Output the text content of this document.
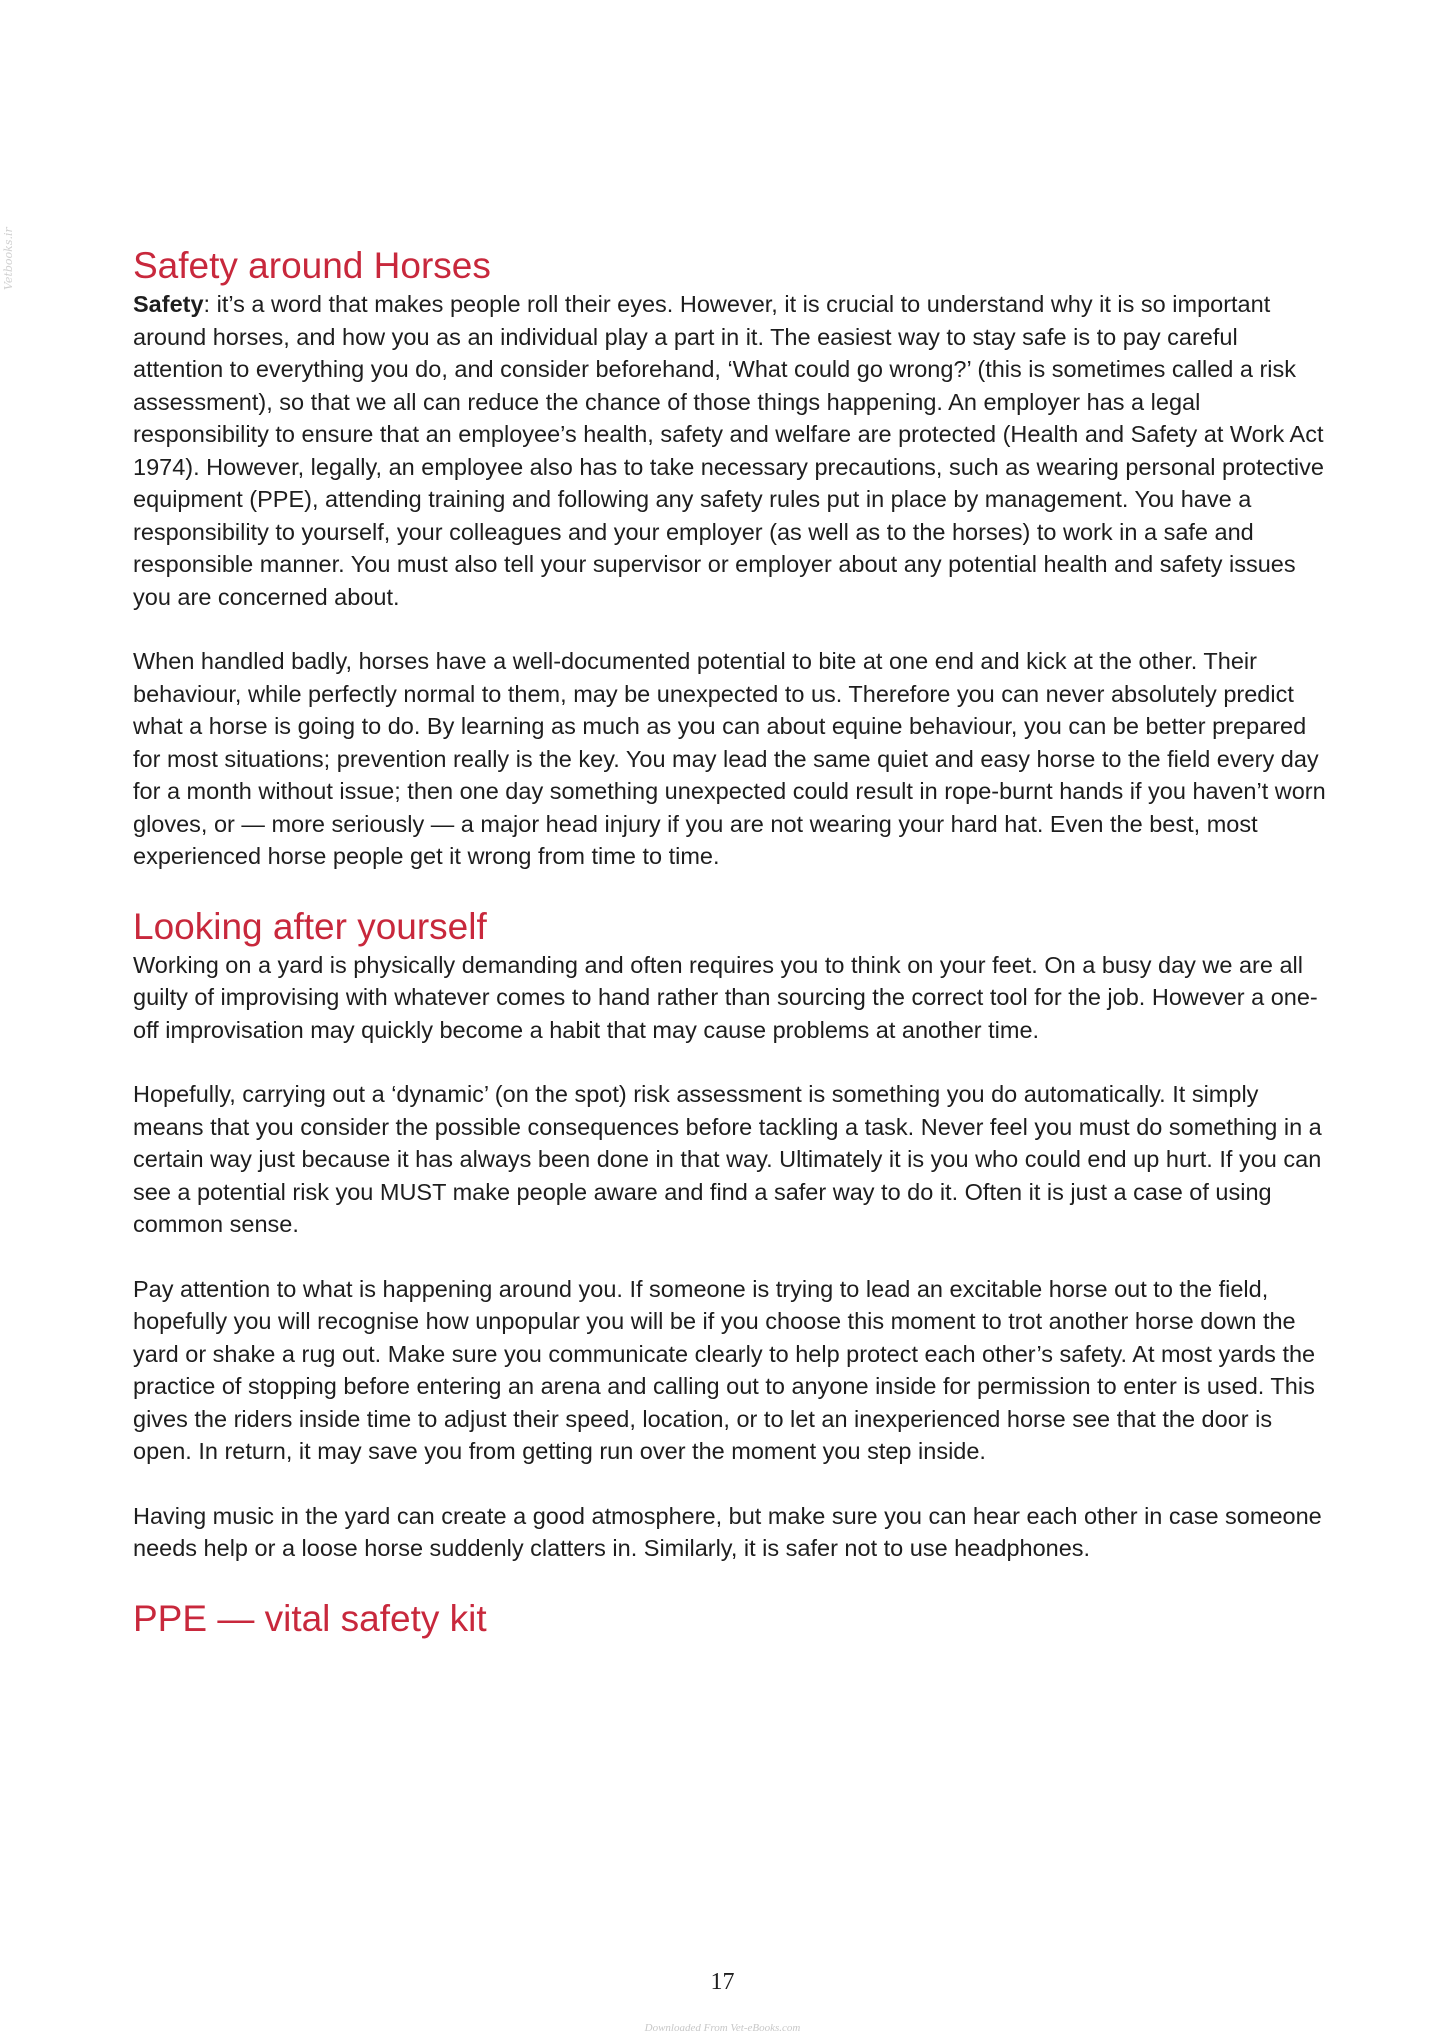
Vetbooks.ir	Safety around Horses

Safety: it’s a word that makes people roll their eyes. However, it is crucial to understand why it is so important around horses, and how you as an individual play a part in it. The easiest way to stay safe is to pay careful attention to everything you do, and consider beforehand, ‘What could go wrong?’ (this is sometimes called a risk assessment), so that we all can reduce the chance of those things happening. An employer has a legal responsibility to ensure that an employee’s health, safety and welfare are protected (Health and Safety at Work Act 1974). However, legally, an employee also has to take necessary precautions, such as wearing personal protective equipment (PPE), attending training and following any safety rules put in place by management. You have a responsibility to yourself, your colleagues and your employer (as well as to the horses) to work in a safe and responsible manner. You must also tell your supervisor or employer about any potential health and safety issues you are concerned about.

When handled badly, horses have a well-documented potential to bite at one end and kick at the other. Their behaviour, while perfectly normal to them, may be unexpected to us. Therefore you can never absolutely predict what a horse is going to do. By learning as much as you can about equine behaviour, you can be better prepared for most situations; prevention really is the key. You may lead the same quiet and easy horse to the field every day for a month without issue; then one day something unexpected could result in rope-burnt hands if you haven’t worn gloves, or — more seriously — a major head injury if you are not wearing your hard hat. Even the best, most experienced horse people get it wrong from time to time.

Looking after yourself

Working on a yard is physically demanding and often requires you to think on your feet. On a busy day we are all guilty of improvising with whatever comes to hand rather than sourcing the correct tool for the job. However a one-off improvisation may quickly become a habit that may cause problems at another time.

Hopefully, carrying out a ‘dynamic’ (on the spot) risk assessment is something you do automatically. It simply means that you consider the possible consequences before tackling a task. Never feel you must do something in a certain way just because it has always been done in that way. Ultimately it is you who could end up hurt. If you can see a potential risk you MUST make people aware and find a safer way to do it. Often it is just a case of using common sense.

Pay attention to what is happening around you. If someone is trying to lead an excitable horse out to the field, hopefully you will recognise how unpopular you will be if you choose this moment to trot another horse down the yard or shake a rug out. Make sure you communicate clearly to help protect each other’s safety. At most yards the practice of stopping before entering an arena and calling out to anyone inside for permission to enter is used. This gives the riders inside time to adjust their speed, location, or to let an inexperienced horse see that the door is open. In return, it may save you from getting run over the moment you step inside.

Having music in the yard can create a good atmosphere, but make sure you can hear each other in case someone needs help or a loose horse suddenly clatters in. Similarly, it is safer not to use headphones.

PPE — vital safety kit
17
Downloaded From Vet-eBooks.com
